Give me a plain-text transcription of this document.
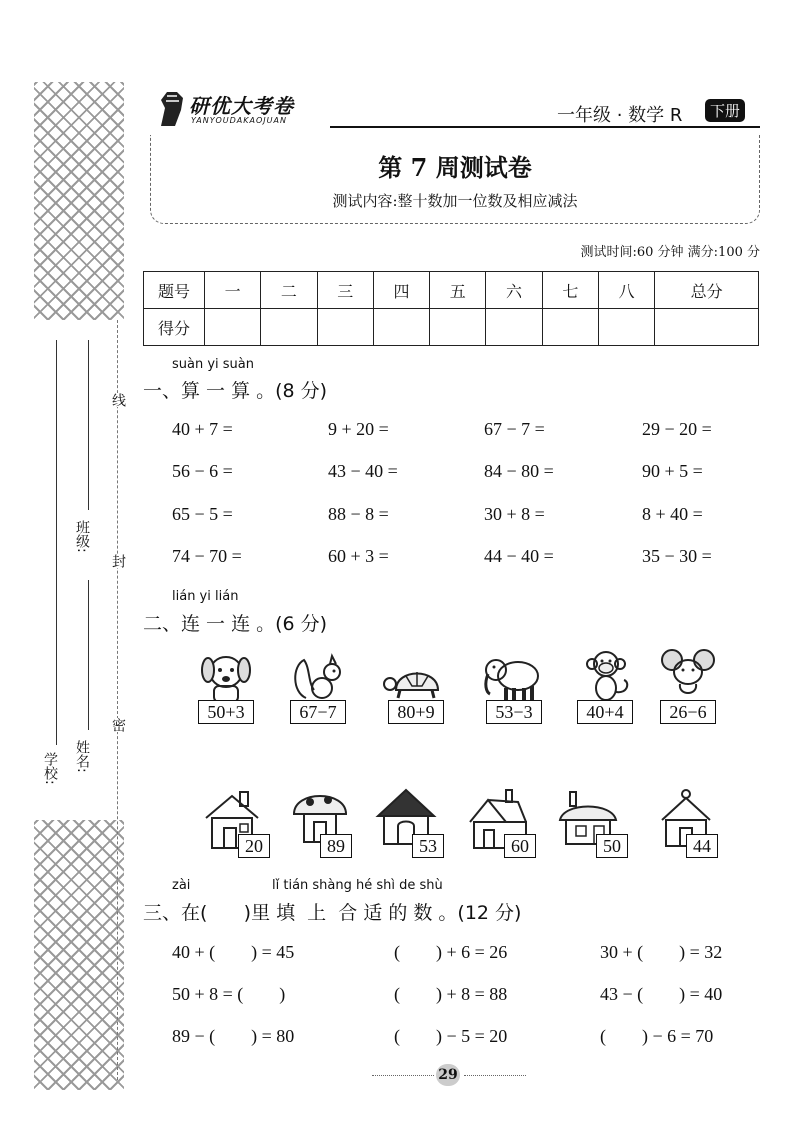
学校: 姓名:
班级:
密
封
线
研优大考卷
YANYOUDAKAOJUAN	一年级 · 数学 R	下册
第 7 周测试卷
测试内容:整十数加一位数及相应减法
测试时间:60 分钟 满分:100 分
题号	一	二	三	四	五	六	七	八	总分
得分									
suàn yi suàn
一、算 一 算 。(8 分)
40 + 7 =	9 + 20 =	67 − 7 =	29 − 20 =
56 − 6 =	43 − 40 =	84 − 80 =	90 + 5 =
65 − 5 =	88 − 8 =	30 + 8 =	8 + 40 =
74 − 70 =	60 + 3 =	44 − 40 =	35 − 30 =
lián yi lián
二、连 一 连 。(6 分)
50+3	67−7	80+9	53−3	40+4	26−6
20	89	53	60	50	44
zài	lǐ tián shàng hé shì de shù
三、在(      )里 填  上  合 适 的 数 。(12 分)
40 + (        ) = 45	(        ) + 6 = 26	30 + (        ) = 32
50 + 8 = (        )	(        ) + 8 = 88	43 − (        ) = 40
89 − (        ) = 80	(        ) − 5 = 20	(        ) − 6 = 70
29
